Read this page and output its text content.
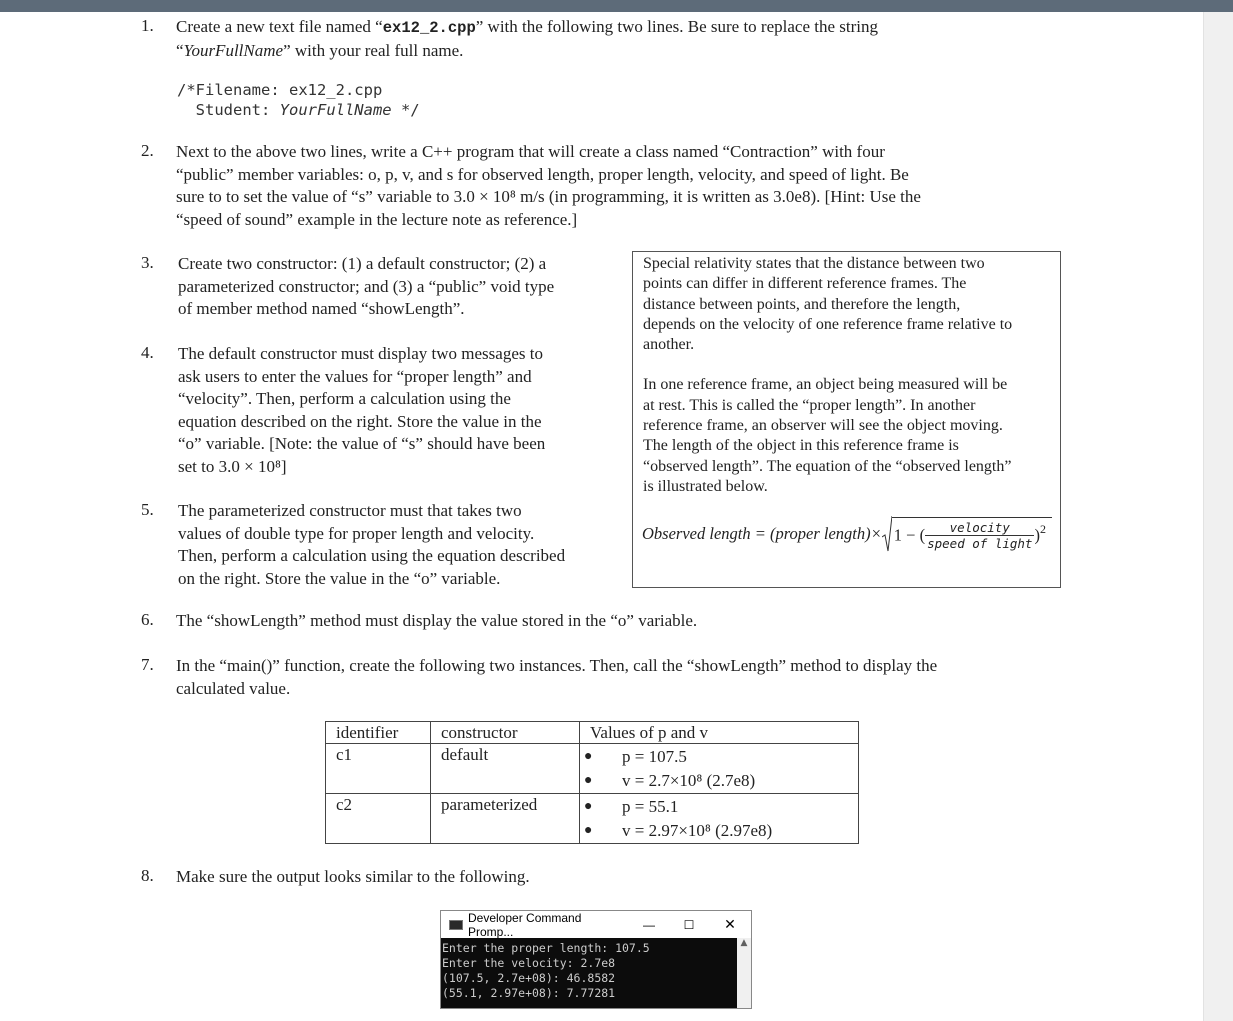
1. Create a new text file named “ex12_2.cpp” with the following two lines. Be sure to replace the string
“YourFullName” with your real full name.
/*Filename: ex12_2.cpp
Student: YourFullName */
2. Next to the above two lines, write a C++ program that will create a class named “Contraction” with four
“public” member variables: o, p, v, and s for observed length, proper length, velocity, and speed of light. Be
sure to to set the value of “s” variable to 3.0 × 10⁸ m/s (in programming, it is written as 3.0e8). [Hint: Use the
“speed of sound” example in the lecture note as reference.]
3. Create two constructor: (1) a default constructor; (2) a
parameterized constructor; and (3) a “public” void type
of member method named “showLength”.
4. The default constructor must display two messages to
ask users to enter the values for “proper length” and
“velocity”. Then, perform a calculation using the
equation described on the right. Store the value in the
“o” variable. [Note: the value of “s” should have been
set to 3.0 × 10⁸]
5. The parameterized constructor must that takes two
values of double type for proper length and velocity.
Then, perform a calculation using the equation described
on the right. Store the value in the “o” variable.
Special relativity states that the distance between two
points can differ in different reference frames. The
distance between points, and therefore the length,
depends on the velocity of one reference frame relative to
another.
In one reference frame, an object being measured will be
at rest. This is called the “proper length”. In another
reference frame, an observer will see the object moving.
The length of the object in this reference frame is
“observed length”. The equation of the “observed length”
is illustrated below.
Observed length = (proper length)× 1 − (	velocity
speed of light )$^2$
6. The “showLength” method must display the value stored in the “o” variable.
7. In the “main()” function, create the following two instances. Then, call the “showLength” method to display the
calculated value.
identifier	constructor	Values of p and v
c1	default	● p = 107.5
● v = 2.7×10⁸ (2.7e8)

c2	parameterized	● p = 55.1
● v = 2.97×10⁸ (2.97e8)
8. Make sure the output looks similar to the following.
Developer Command Promp...	—	☐	✕
Enter the proper length: 107.5
Enter the velocity: 2.7e8
(107.5, 2.7e+08): 46.8582
(55.1, 2.97e+08): 7.77281
▲
